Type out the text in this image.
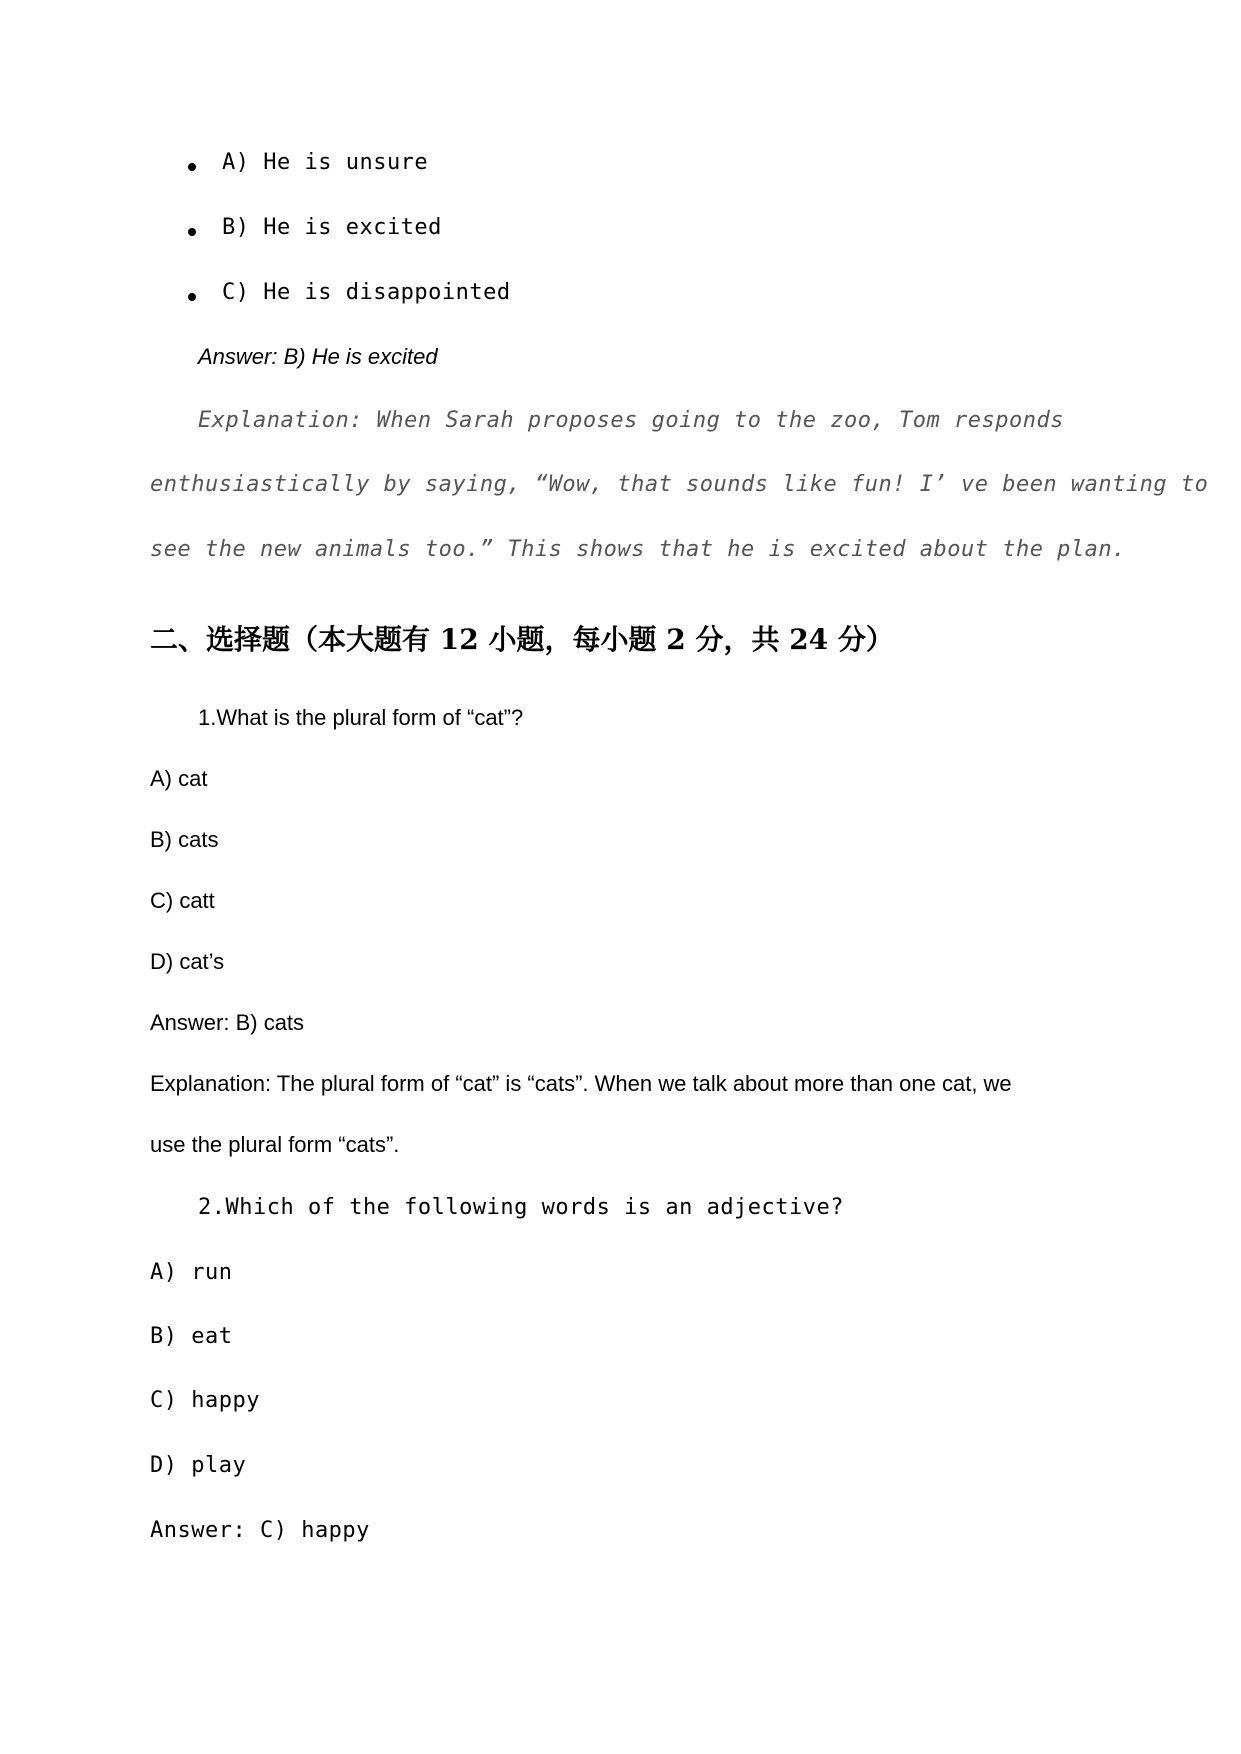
A) He is unsure
B) He is excited
C) He is disappointed
Answer: B) He is excited
Explanation: When Sarah proposes going to the zoo, Tom responds
enthusiastically by saying, “Wow, that sounds like fun! I’ ve been wanting to
see the new animals too.” This shows that he is excited about the plan.
二、选择题（本大题有 12 小题，每小题 2 分，共 24 分）
1.What is the plural form of “cat”?
A) cat
B) cats
C) catt
D) cat’s
Answer: B) cats
Explanation: The plural form of “cat” is “cats”. When we talk about more than one cat, we
use the plural form “cats”.
2.Which of the following words is an adjective?
A) run
B) eat
C) happy
D) play
Answer: C) happy
